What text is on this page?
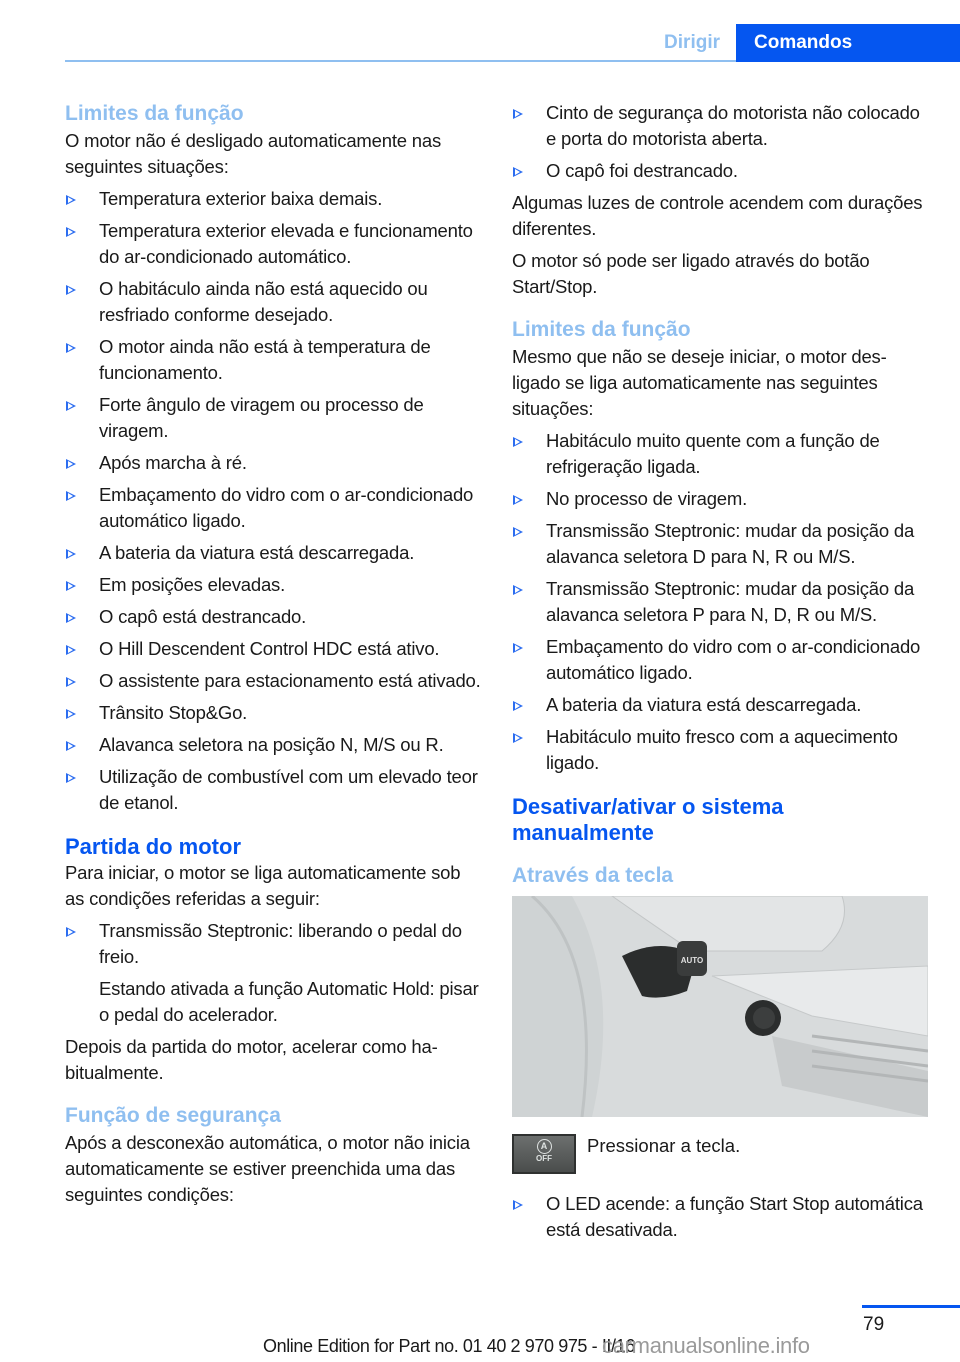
Dirigir	Comandos
Limites da função

O motor não é desligado automaticamente nas seguintes situações:

Temperatura exterior baixa demais.
Temperatura exterior elevada e funcionamento do ar-condicionado automático.
O habitáculo ainda não está aquecido ou resfriado conforme desejado.
O motor ainda não está à temperatura de funcionamento.
Forte ângulo de viragem ou processo de viragem.
Após marcha à ré.
Embaçamento do vidro com o ar-condicionado automático ligado.
A bateria da viatura está descarregada.
Em posições elevadas.
O capô está destrancado.
O Hill Descendent Control HDC está ativo.
O assistente para estacionamento está ativado.
Trânsito Stop&Go.
Alavanca seletora na posição N, M/S ou R.
Utilização de combustível com um elevado teor de etanol.
Partida do motor

Para iniciar, o motor se liga automaticamente sob as condições referidas a seguir:

Transmissão Steptronic: liberando o pedal do freio.
Estando ativada a função Automatic Hold: pisar o pedal do acelerador.

Depois da partida do motor, acelerar como habitualmente.

Função de segurança

Após a desconexão automática, o motor não inicia automaticamente se estiver preenchida uma das seguintes condições:

Cinto de segurança do motorista não colocado e porta do motorista aberta.
O capô foi destrancado.

Algumas luzes de controle acendem com durações diferentes.

O motor só pode ser ligado através do botão Start/Stop.

Limites da função

Mesmo que não se deseje iniciar, o motor desligado se liga automaticamente nas seguintes situações:

Habitáculo muito quente com a função de refrigeração ligada.
No processo de viragem.
Transmissão Steptronic: mudar da posição da alavanca seletora D para N, R ou M/S.
Transmissão Steptronic: mudar da posição da alavanca seletora P para N, D, R ou M/S.
Embaçamento do vidro com o ar-condicionado automático ligado.
A bateria da viatura está descarregada.
Habitáculo muito fresco com a aquecimento ligado.
Desativar/ativar o sistema manualmente
Através da tecla
AUTO
A
OFF
Pressionar a tecla.
O LED acende: a função Start Stop automática está desativada.
79
Online Edition for Part no. 01 40 2 970 975 - II/16
carmanualsonline.info
